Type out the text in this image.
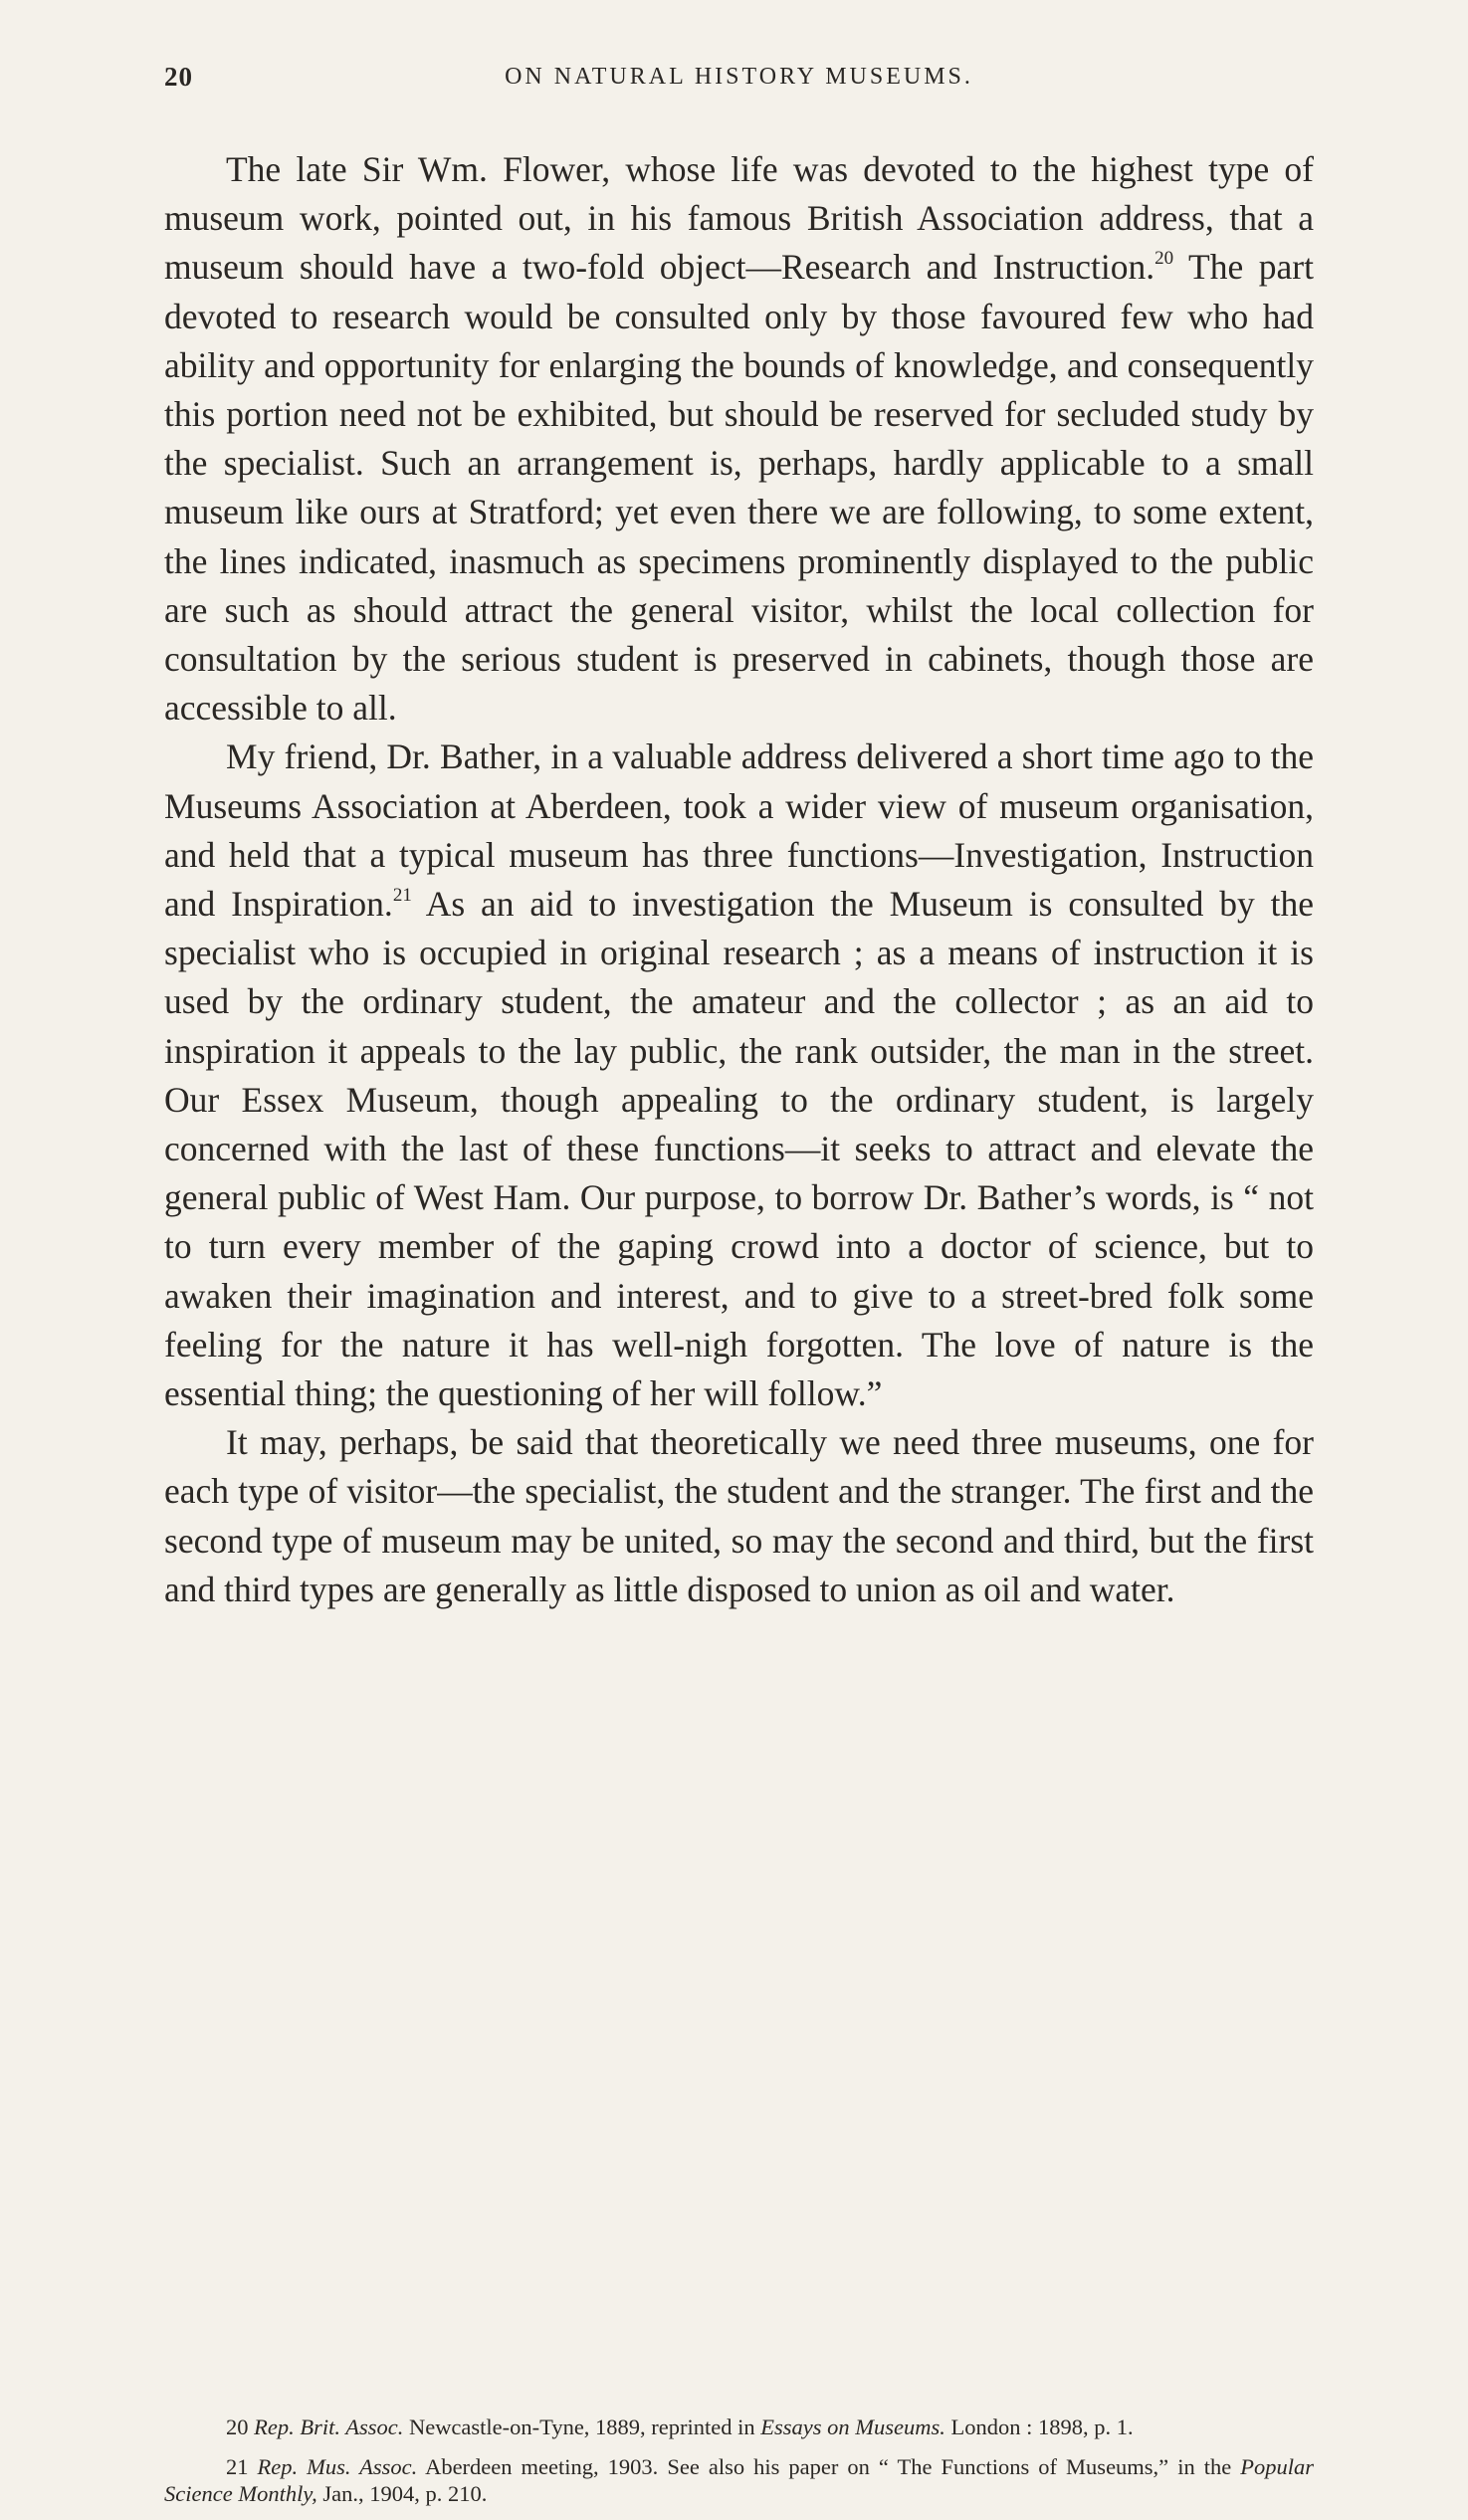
20	ON NATURAL HISTORY MUSEUMS.

The late Sir Wm. Flower, whose life was devoted to the highest type of museum work, pointed out, in his famous British Association address, that a museum should have a two-fold object—Research and Instruction.$^{20}$ The part devoted to research would be consulted only by those favoured few who had ability and opportunity for enlarging the bounds of knowledge, and consequently this portion need not be exhibited, but should be reserved for secluded study by the specialist. Such an arrangement is, perhaps, hardly applicable to a small museum like ours at Stratford; yet even there we are following, to some extent, the lines indicated, inasmuch as specimens prominently displayed to the public are such as should attract the general visitor, whilst the local collection for consultation by the serious student is preserved in cabinets, though those are accessible to all.

My friend, Dr. Bather, in a valuable address delivered a short time ago to the Museums Association at Aberdeen, took a wider view of museum organisation, and held that a typical museum has three functions—Investigation, Instruction and Inspiration.$^{21}$ As an aid to investigation the Museum is consulted by the specialist who is occupied in original research ; as a means of instruction it is used by the ordinary student, the amateur and the collector ; as an aid to inspiration it appeals to the lay public, the rank outsider, the man in the street. Our Essex Museum, though appealing to the ordinary student, is largely concerned with the last of these functions—it seeks to attract and elevate the general public of West Ham. Our purpose, to borrow Dr. Bather’s words, is “ not to turn every member of the gaping crowd into a doctor of science, but to awaken their imagination and interest, and to give to a street-bred folk some feeling for the nature it has well-nigh forgotten. The love of nature is the essential thing; the questioning of her will follow.”

It may, perhaps, be said that theoretically we need three museums, one for each type of visitor—the specialist, the student and the stranger. The first and the second type of museum may be united, so may the second and third, but the first and third types are generally as little disposed to union as oil and water.

20 Rep. Brit. Assoc. Newcastle-on-Tyne, 1889, reprinted in Essays on Museums. London : 1898, p. 1.

21 Rep. Mus. Assoc. Aberdeen meeting, 1903. See also his paper on “ The Functions of Museums,” in the Popular Science Monthly, Jan., 1904, p. 210.
